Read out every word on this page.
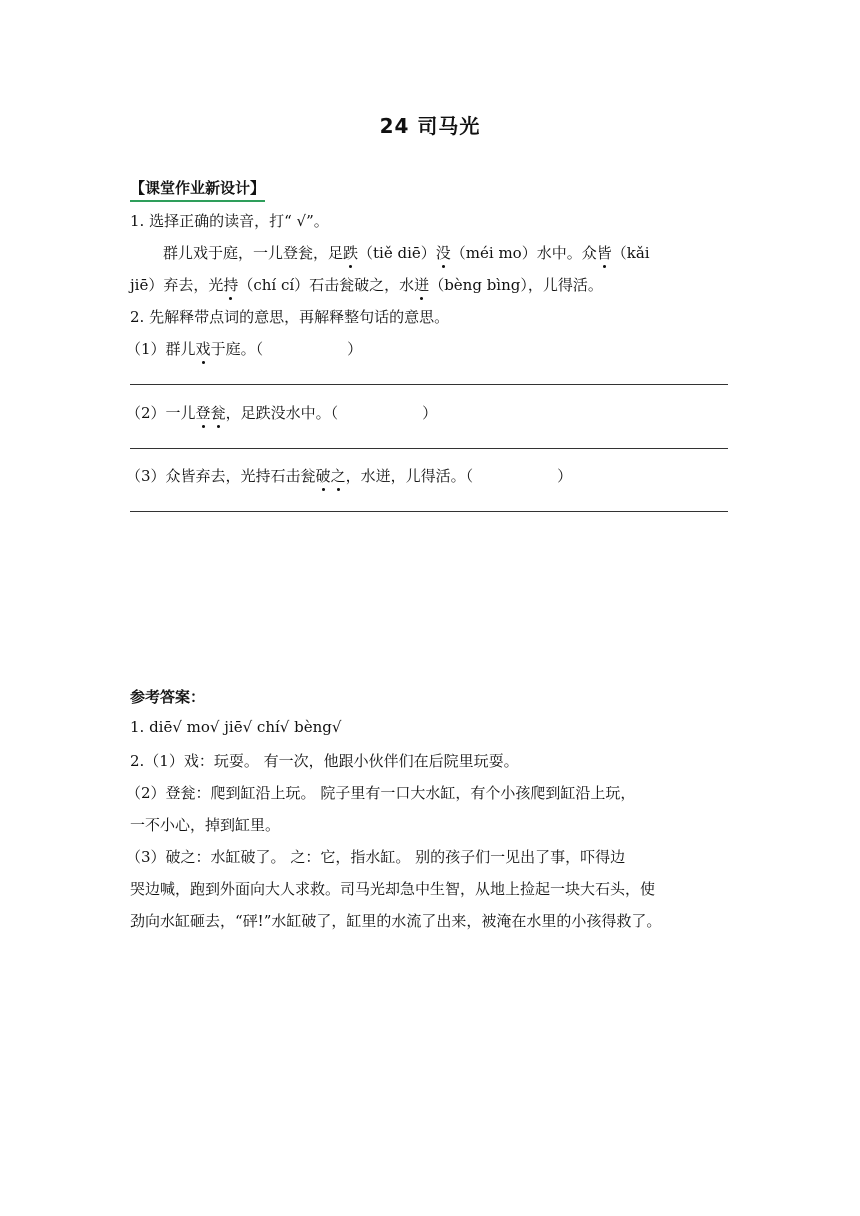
24 司马光
【课堂作业新设计】
1. 选择正确的读音，打“ √”。
群儿戏于庭，一儿登瓮，足跌（tiě diē）没（méi mo）水中。众皆（kǎi
jiē）弃去，光持（chí cí）石击瓮破之，水迸（bèng bìng），儿得活。
2. 先解释带点词的意思，再解释整句话的意思。
（1）群儿戏于庭。（	）
（2）一儿登瓮，足跌没水中。（	）
（3）众皆弃去，光持石击瓮破之，水迸，儿得活。（	）
参考答案：
1. diē√ mo√ jiē√ chí√ bèng√
2.（1）戏：玩耍。 有一次，他跟小伙伴们在后院里玩耍。
（2）登瓮：爬到缸沿上玩。 院子里有一口大水缸，有个小孩爬到缸沿上玩，
一不小心，掉到缸里。
（3）破之：水缸破了。 之：它，指水缸。 别的孩子们一见出了事，吓得边
哭边喊，跑到外面向大人求救。司马光却急中生智，从地上捡起一块大石头，使
劲向水缸砸去，“砰!”水缸破了，缸里的水流了出来，被淹在水里的小孩得救了。
